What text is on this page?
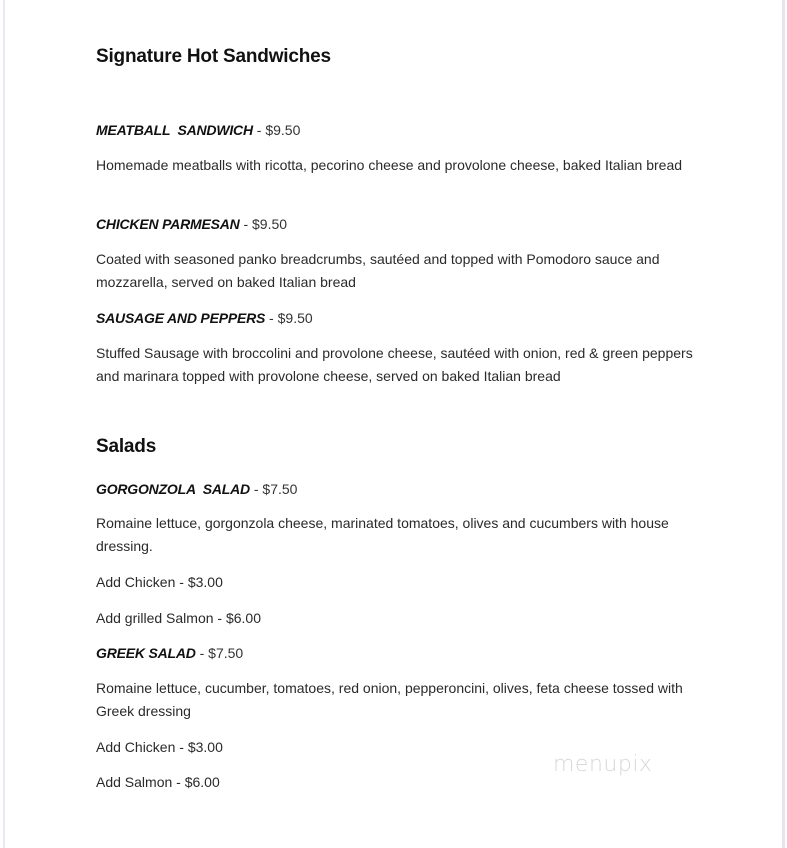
Signature Hot Sandwiches
MEATBALL  SANDWICH - $9.50
Homemade meatballs with ricotta, pecorino cheese and provolone cheese, baked Italian bread
CHICKEN PARMESAN - $9.50
Coated with seasoned panko breadcrumbs, sautéed and topped with Pomodoro sauce and mozzarella, served on baked Italian bread
SAUSAGE AND PEPPERS - $9.50
Stuffed Sausage with broccolini and provolone cheese, sautéed with onion, red & green peppers and marinara topped with provolone cheese, served on baked Italian bread
Salads
GORGONZOLA  SALAD - $7.50
Romaine lettuce, gorgonzola cheese, marinated tomatoes, olives and cucumbers with house dressing.
Add Chicken - $3.00
Add grilled Salmon - $6.00
GREEK SALAD - $7.50
Romaine lettuce, cucumber, tomatoes, red onion, pepperoncini, olives, feta cheese tossed with Greek dressing
Add Chicken - $3.00
Add Salmon - $6.00
menupix
